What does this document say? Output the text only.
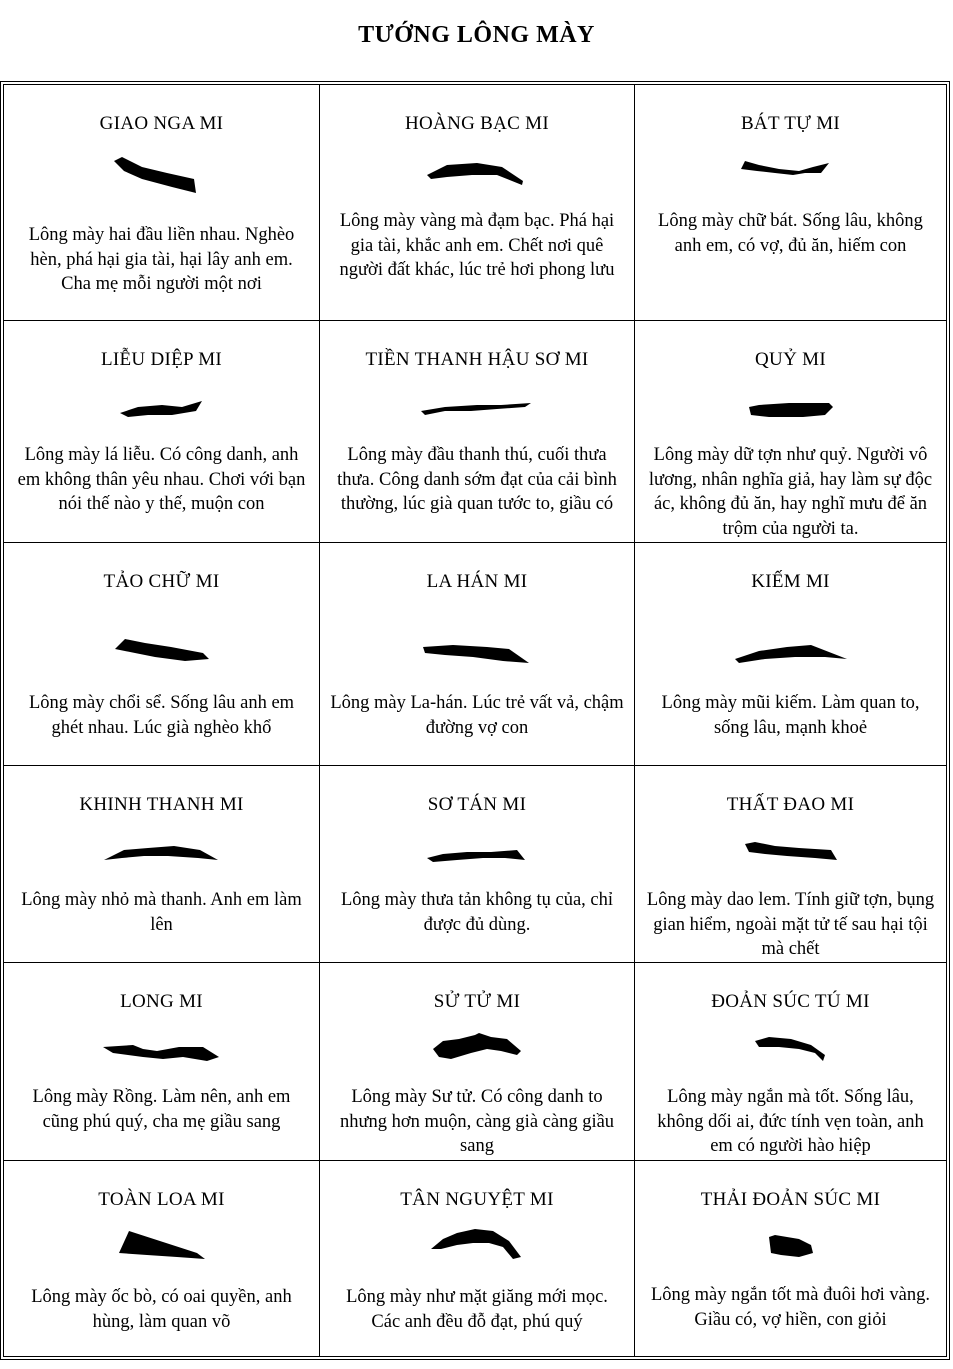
TƯỚNG LÔNG MÀY
GIAO NGA MI
Lông mày hai đầu liền nhau. Nghèo hèn, phá hại gia tài, hại lây anh em. Cha mẹ mỗi người một nơi
HOÀNG BẠC MI
Lông mày vàng mà đạm bạc. Phá hại gia tài, khắc anh em. Chết nơi quê người đất khác, lúc trẻ hơi phong lưu
BÁT TỰ MI
Lông mày chữ bát. Sống lâu, không anh em, có vợ, đủ ăn, hiếm con
LIỄU DIỆP MI
Lông mày lá liễu. Có công danh, anh em không thân yêu nhau. Chơi với bạn nói thế nào y thế, muộn con
TIỀN THANH HẬU SƠ MI
Lông mày đầu thanh thú, cuối thưa thưa. Công danh sớm đạt của cải bình thường, lúc già quan tước to, giầu có
QUỶ MI
Lông mày dữ tợn như quỷ. Người vô lương, nhân nghĩa giả, hay làm sự độc ác, không đủ ăn, hay nghĩ mưu để ăn trộm của người ta.
TẢO CHỮ MI
Lông mày chổi sể. Sống lâu anh em ghét nhau. Lúc già nghèo khổ
LA HÁN MI
Lông mày La-hán. Lúc trẻ vất vả, chậm đường vợ con
KIẾM MI
Lông mày mũi kiếm. Làm quan to, sống lâu, mạnh khoẻ
KHINH THANH MI
Lông mày nhỏ mà thanh. Anh em làm lên
SƠ TÁN MI
Lông mày thưa tản không tụ của, chỉ được đủ dùng.
THẤT ĐAO MI
Lông mày dao lem. Tính giữ tợn, bụng gian hiểm, ngoài mặt tử tế sau hại tội mà chết
LONG MI
Lông mày Rồng. Làm nên, anh em cũng phú quý, cha mẹ giầu sang
SỬ TỬ MI
Lông mày Sư tử. Có công danh to nhưng hơn muộn, càng già càng giầu sang
ĐOẢN SÚC TÚ MI
Lông mày ngắn mà tốt. Sống lâu, không dối ai, đức tính vẹn toàn, anh em có người hào hiệp
TOÀN LOA MI
Lông mày ốc bò, có oai quyền, anh hùng, làm quan võ
TÂN NGUYỆT MI
Lông mày như mặt giăng mới mọc. Các anh đều đỗ đạt, phú quý
THẢI ĐOẢN SÚC MI
Lông mày ngắn tốt mà đuôi hơi vàng. Giầu có, vợ hiền, con giỏi
